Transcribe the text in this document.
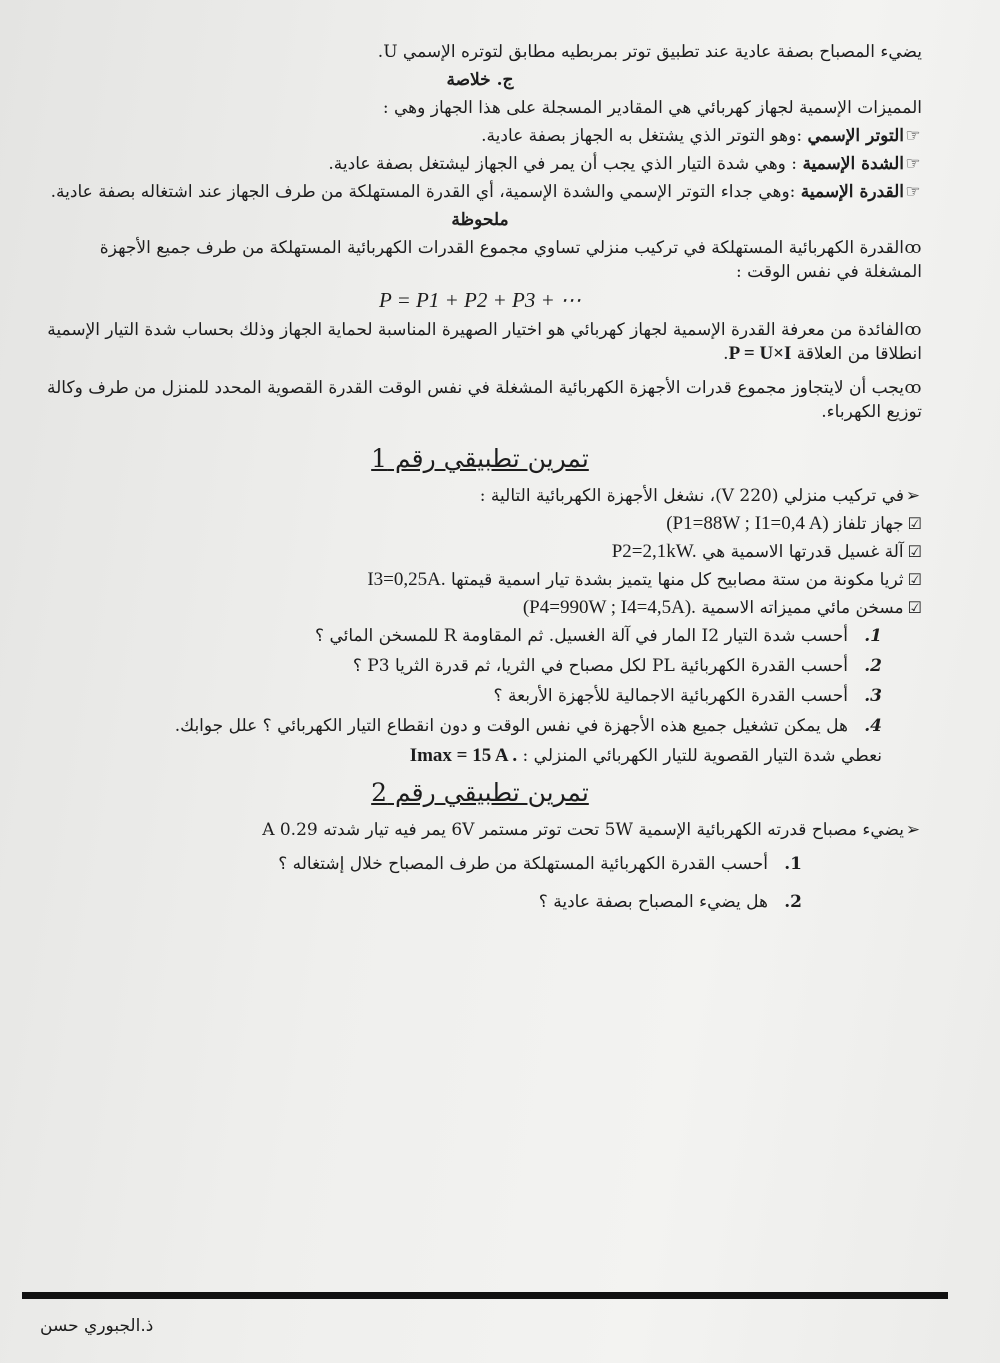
يضيء المصباح بصفة عادية عند تطبيق توتر بمربطيه مطابق لتوتره الإسمي U.

ج. خلاصة

المميزات الإسمية لجهاز كهربائي هي المقادير المسجلة على هذا الجهاز وهي :

☞التوتر الإسمي :وهو التوتر الذي يشتغل به الجهاز بصفة عادية.

☞الشدة الإسمية : وهي شدة التيار الذي يجب أن يمر في الجهاز ليشتغل بصفة عادية.

☞القدرة الإسمية :وهي جداء التوتر الإسمي والشدة الإسمية، أي القدرة المستهلكة من طرف الجهاز عند اشتغاله بصفة عادية.

ملحوظة

ꝏالقدرة الكهربائية المستهلكة في تركيب منزلي تساوي مجموع القدرات الكهربائية المستهلكة من طرف جميع الأجهزة المشغلة في نفس الوقت :

P = P1 + P2 + P3 + ⋯

ꝏالفائدة من معرفة القدرة الإسمية لجهاز كهربائي هو اختيار الصهيرة المناسبة لحماية الجهاز وذلك بحساب شدة التيار الإسمية انطلاقا من العلاقة P = U×I.

ꝏيجب أن لايتجاوز مجموع قدرات الأجهزة الكهربائية المشغلة في نفس الوقت القدرة القصوية المحدد للمنزل من طرف وكالة توزيع الكهرباء.

تمرين تطبيقي رقم 1

➢في تركيب منزلي (220 V)، نشغل الأجهزة الكهربائية التالية :

☑جهاز تلفاز (P1=88W ; I1=0,4 A)

☑آلة غسيل قدرتها الاسمية هي P2=2,1kW.

☑ثريا مكونة من ستة مصابيح كل منها يتميز بشدة تيار اسمية قيمتها I3=0,25A.

☑مسخن مائي مميزاته الاسمية (P4=990W ; I4=4,5A).

1.
أحسب شدة التيار I2 المار في آلة الغسيل. ثم المقاومة R للمسخن المائي ؟
2.
أحسب القدرة الكهربائية PL لكل مصباح في الثريا، ثم قدرة الثريا P3 ؟
3.
أحسب القدرة الكهربائية الاجمالية للأجهزة الأربعة ؟
4.
هل يمكن تشغيل جميع هذه الأجهزة في نفس الوقت و دون انقطاع التيار الكهربائي ؟ علل جوابك.

نعطي شدة التيار القصوية للتيار الكهربائي المنزلي : Imax = 15 A .

تمرين تطبيقي رقم 2

➢يضيء مصباح قدرته الكهربائية الإسمية 5W تحت توتر مستمر 6V يمر فيه تيار شدته A 0.29

1.
أحسب القدرة الكهربائية المستهلكة من طرف المصباح خلال إشتغاله ؟
2.
هل يضيء المصباح بصفة عادية ؟
ذ.الجبوري حسن
